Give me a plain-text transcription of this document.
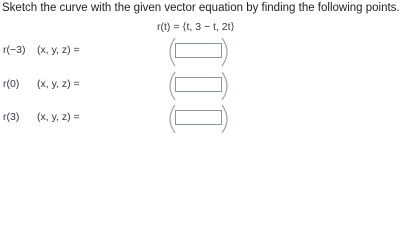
Sketch the curve with the given vector equation by finding the following points.
r(t) = ⟨t, 3 − t, 2t⟩
r(−3) (x, y, z) =
r(0) (x, y, z) =
r(3) (x, y, z) =
